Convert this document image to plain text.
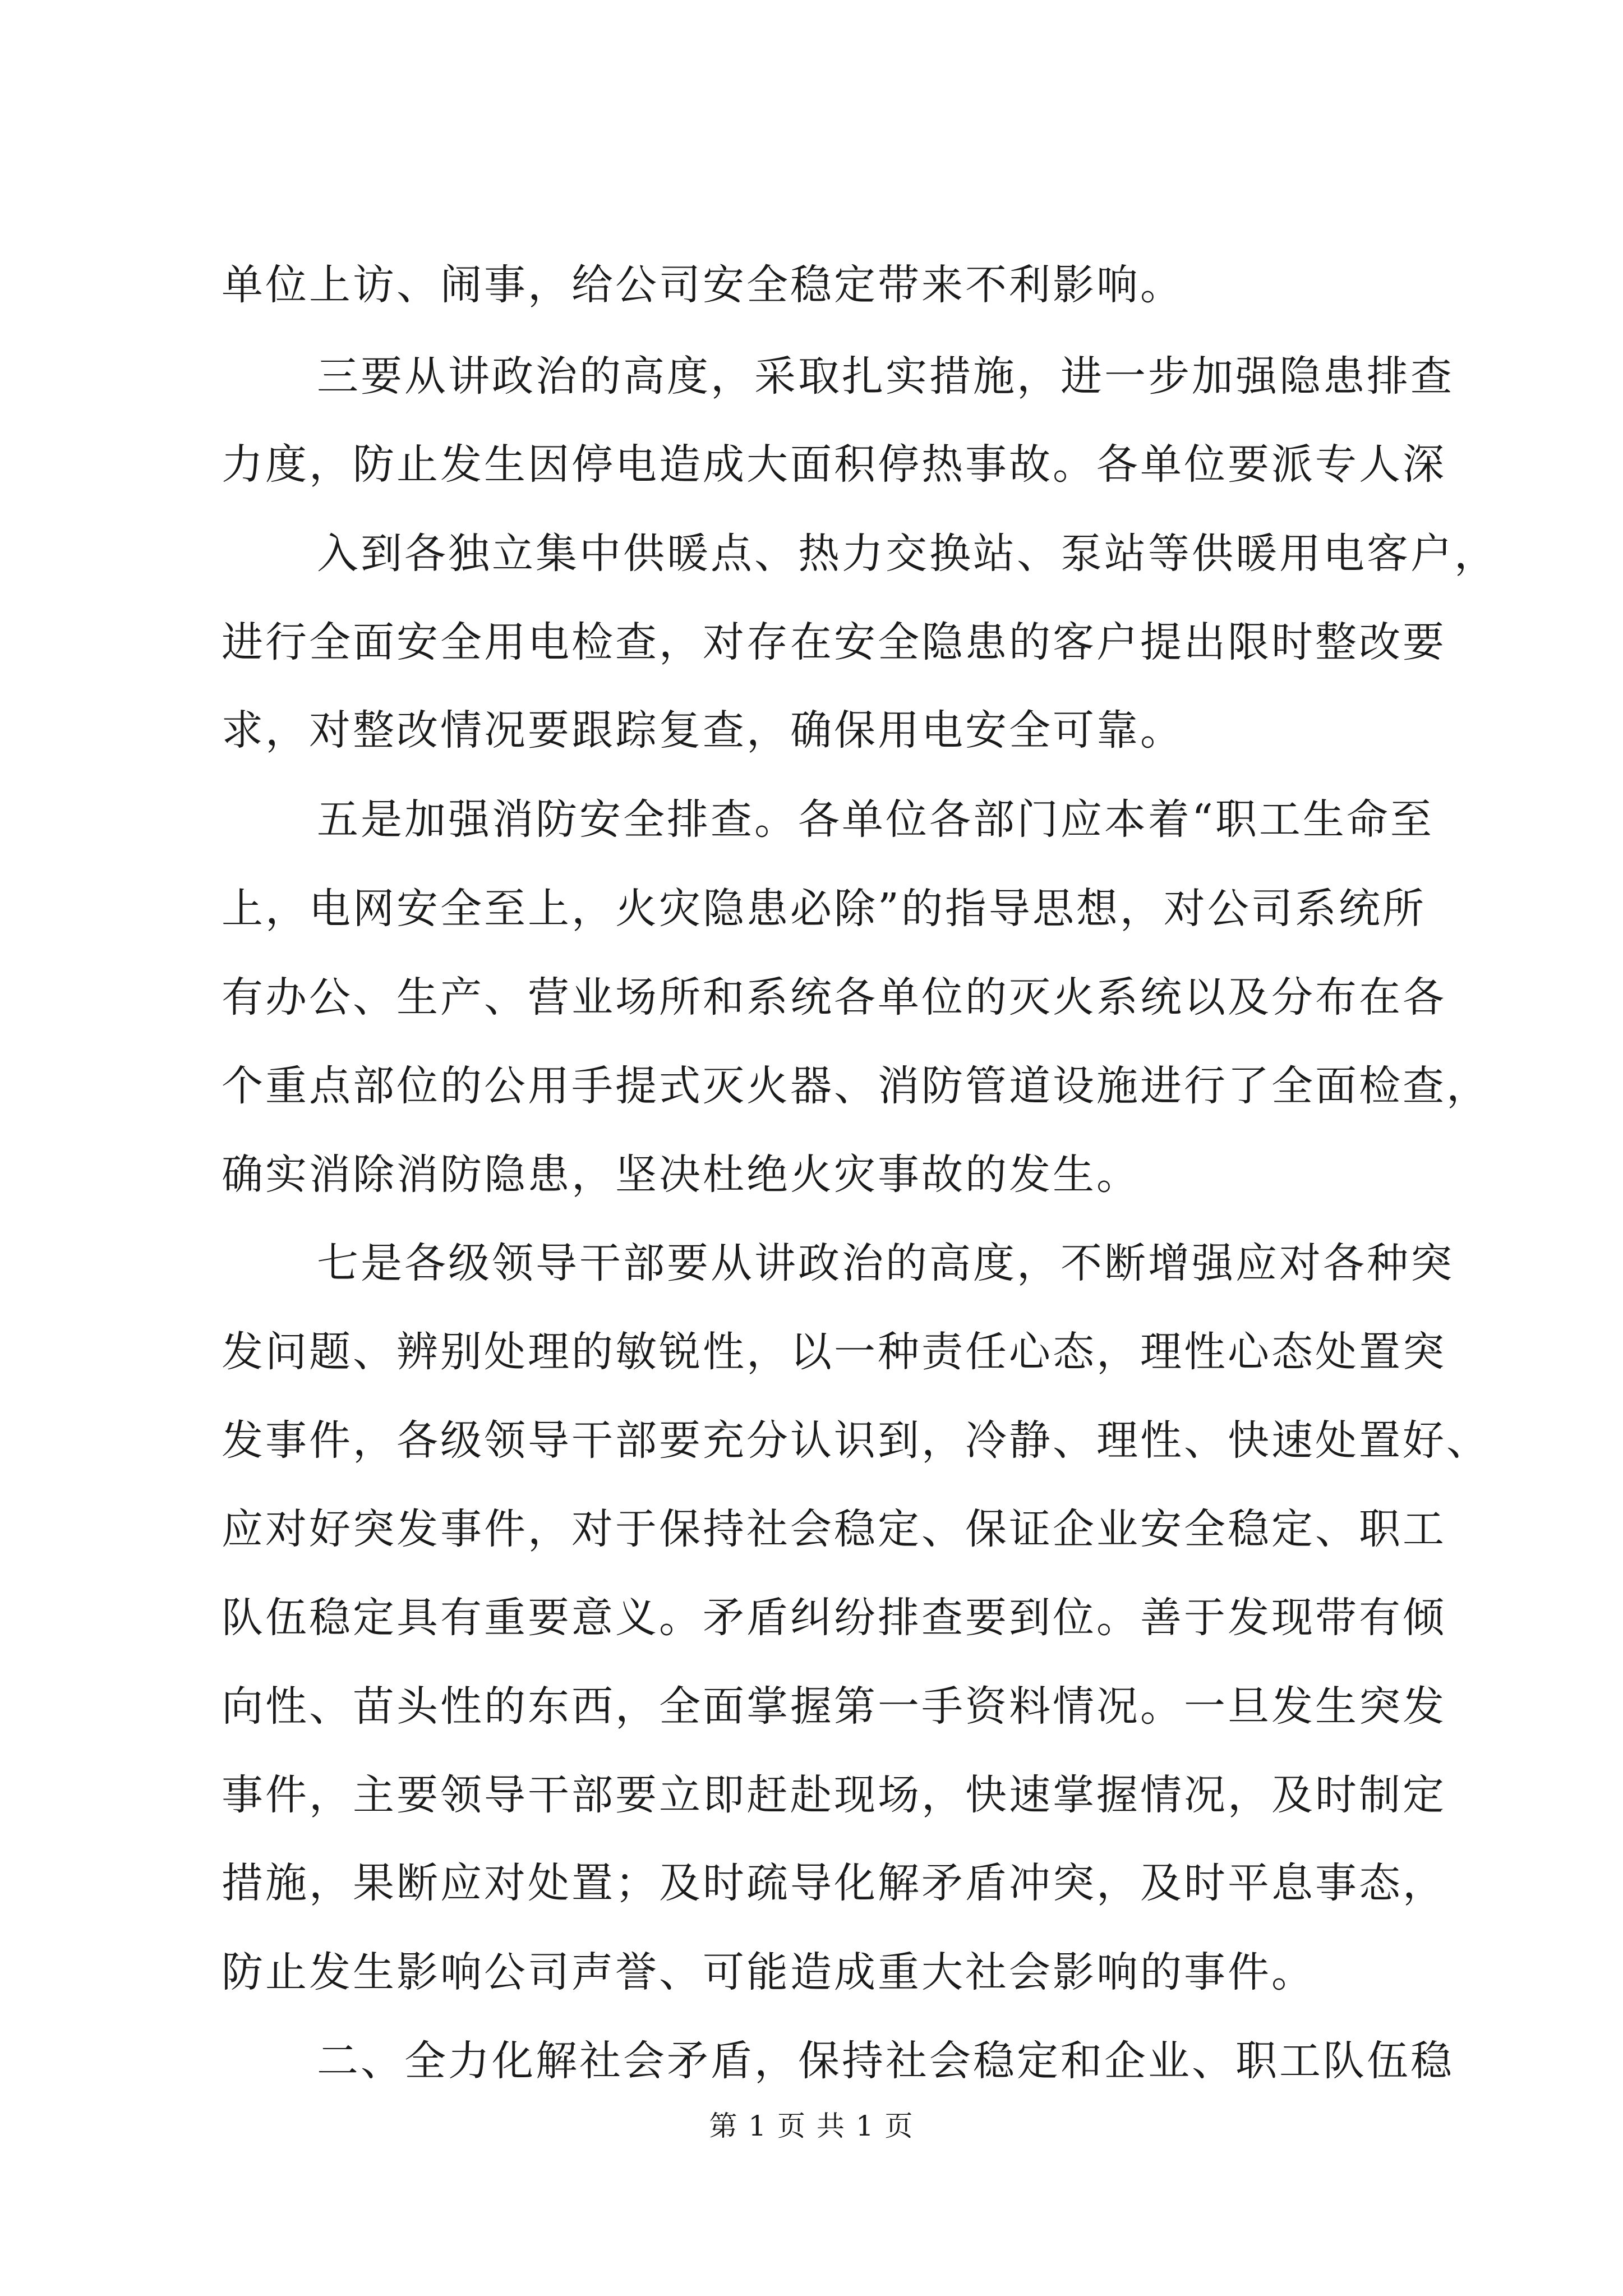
单位上访、闹事，给公司安全稳定带来不利影响。
三要从讲政治的高度，采取扎实措施，进一步加强隐患排查
力度，防止发生因停电造成大面积停热事故。各单位要派专人深
入到各独立集中供暖点、热力交换站、泵站等供暖用电客户，
进行全面安全用电检查，对存在安全隐患的客户提出限时整改要
求，对整改情况要跟踪复查，确保用电安全可靠。
五是加强消防安全排查。各单位各部门应本着“职工生命至
上，电网安全至上，火灾隐患必除”的指导思想，对公司系统所
有办公、生产、营业场所和系统各单位的灭火系统以及分布在各
个重点部位的公用手提式灭火器、消防管道设施进行了全面检查，
确实消除消防隐患，坚决杜绝火灾事故的发生。
七是各级领导干部要从讲政治的高度，不断增强应对各种突
发问题、辨别处理的敏锐性，以一种责任心态，理性心态处置突
发事件，各级领导干部要充分认识到，冷静、理性、快速处置好、
应对好突发事件，对于保持社会稳定、保证企业安全稳定、职工
队伍稳定具有重要意义。矛盾纠纷排查要到位。善于发现带有倾
向性、苗头性的东西，全面掌握第一手资料情况。一旦发生突发
事件，主要领导干部要立即赶赴现场，快速掌握情况，及时制定
措施，果断应对处置；及时疏导化解矛盾冲突，及时平息事态，
防止发生影响公司声誉、可能造成重大社会影响的事件。
二、全力化解社会矛盾，保持社会稳定和企业、职工队伍稳
第 1 页 共 1 页
